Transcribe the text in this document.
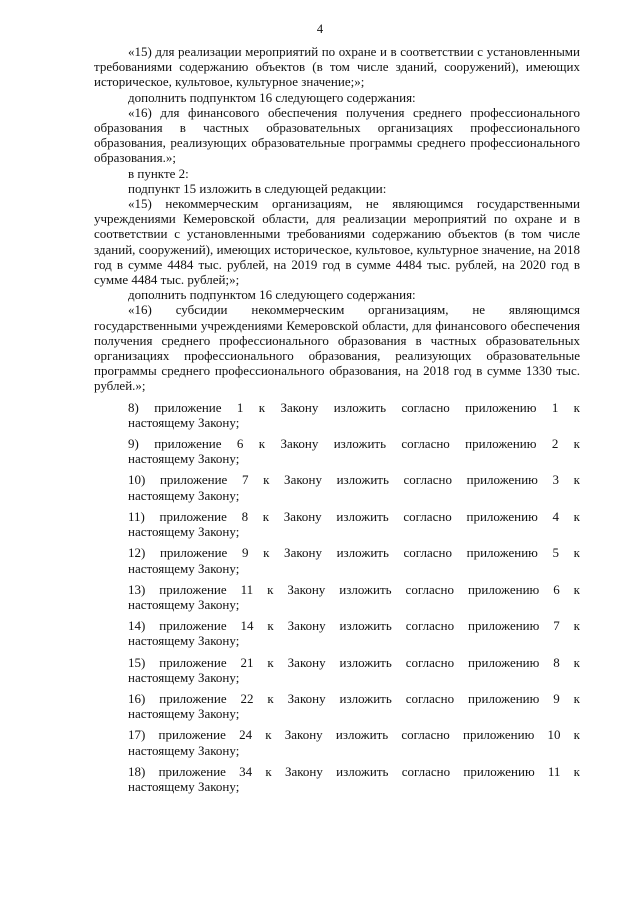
4

«15) для реализации мероприятий по охране и в соответствии с установленными требованиями содержанию объектов (в том числе зданий, сооружений), имеющих историческое, культовое, культурное значение;»;

дополнить подпунктом 16 следующего содержания:

«16) для финансового обеспечения получения среднего профессионального образования в частных образовательных организациях профессионального образования, реализующих образовательные программы среднего профессионального образования.»;

в пункте 2:

подпункт 15 изложить в следующей редакции:

«15) некоммерческим организациям, не являющимся государственными учреждениями Кемеровской области, для реализации мероприятий по охране и в соответствии с установленными требованиями содержанию объектов (в том числе зданий, сооружений), имеющих историческое, культовое, культурное значение, на 2018 год в сумме 4484 тыс. рублей, на 2019 год в сумме 4484 тыс. рублей, на 2020 год в сумме 4484 тыс. рублей;»;

дополнить подпунктом 16 следующего содержания:

«16) субсидии некоммерческим организациям, не являющимся государственными учреждениями Кемеровской области, для финансового обеспечения получения среднего профессионального образования в частных образовательных организациях профессионального образования, реализующих образовательные программы среднего профессионального образования, на 2018 год в сумме 1330 тыс. рублей.»;

8) приложение 1 к Закону изложить согласно приложению 1 к

настоящему Закону;

9) приложение 6 к Закону изложить согласно приложению 2 к

настоящему Закону;

10) приложение 7 к Закону изложить согласно приложению 3 к

настоящему Закону;

11) приложение 8 к Закону изложить согласно приложению 4 к

настоящему Закону;

12) приложение 9 к Закону изложить согласно приложению 5 к

настоящему Закону;

13) приложение 11 к Закону изложить согласно приложению 6 к

настоящему Закону;

14) приложение 14 к Закону изложить согласно приложению 7 к

настоящему Закону;

15) приложение 21 к Закону изложить согласно приложению 8 к

настоящему Закону;

16) приложение 22 к Закону изложить согласно приложению 9 к

настоящему Закону;

17) приложение 24 к Закону изложить согласно приложению 10 к

настоящему Закону;

18) приложение 34 к Закону изложить согласно приложению 11 к

настоящему Закону;
